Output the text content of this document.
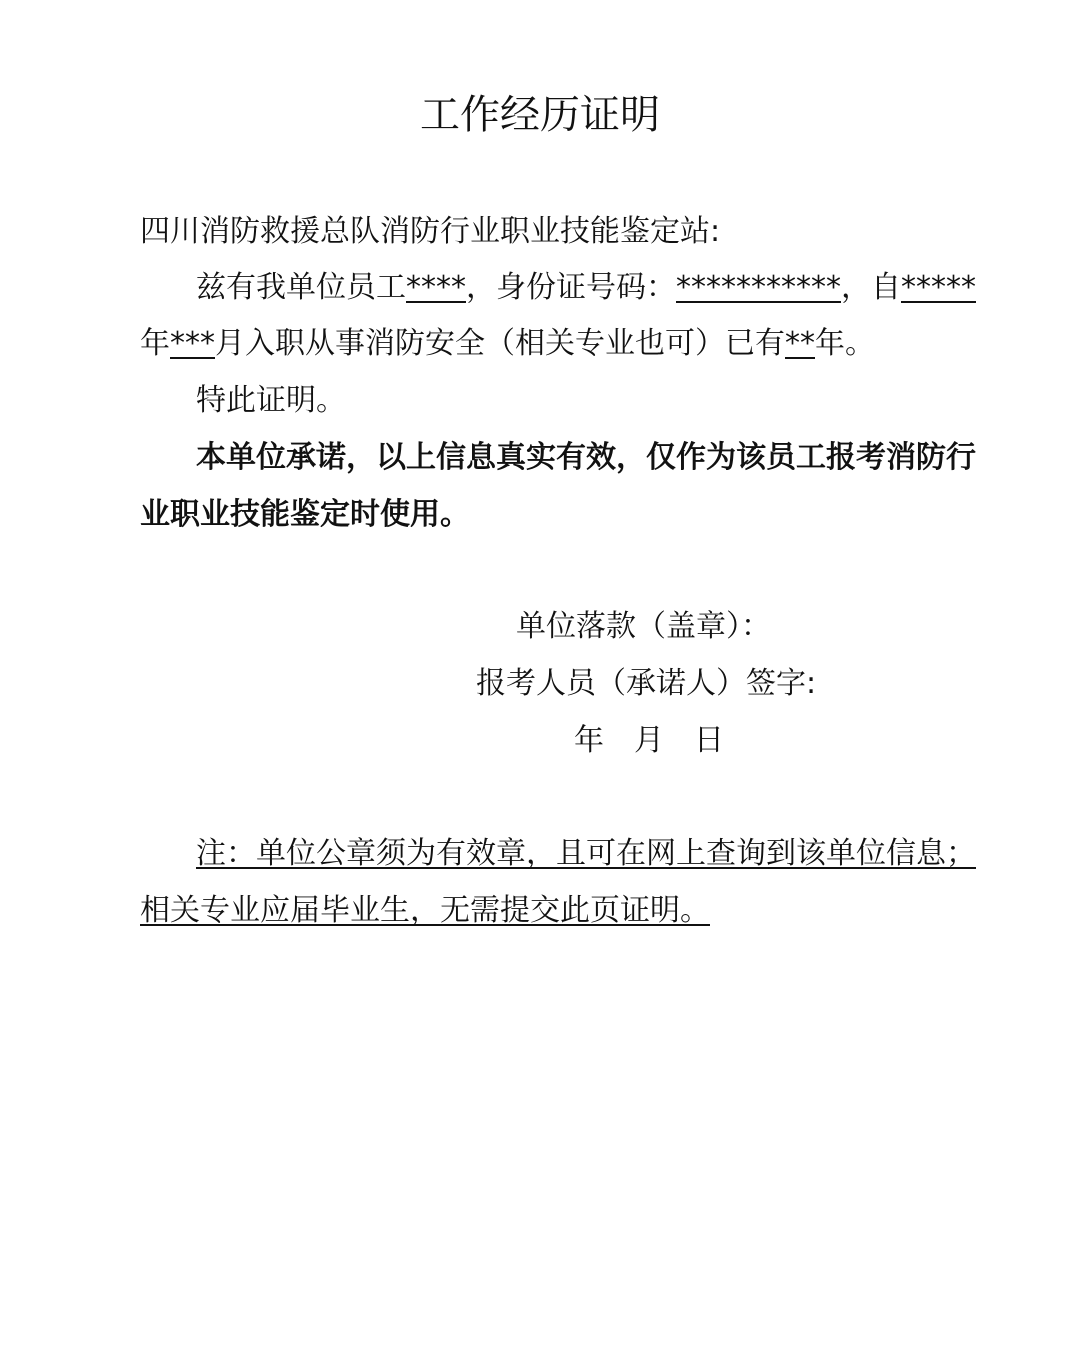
工作经历证明
四川消防救援总队消防行业职业技能鉴定站:
兹有我单位员工****，身份证号码：***********，自*****
年***月入职从事消防安全（相关专业也可）已有**年。
特此证明。
本单位承诺，以上信息真实有效，仅作为该员工报考消防行
业职业技能鉴定时使用。
单位落款（盖章）：
报考人员（承诺人）签字:
年 月 日
注：单位公章须为有效章，且可在网上查询到该单位信息；
相关专业应届毕业生，无需提交此页证明。
